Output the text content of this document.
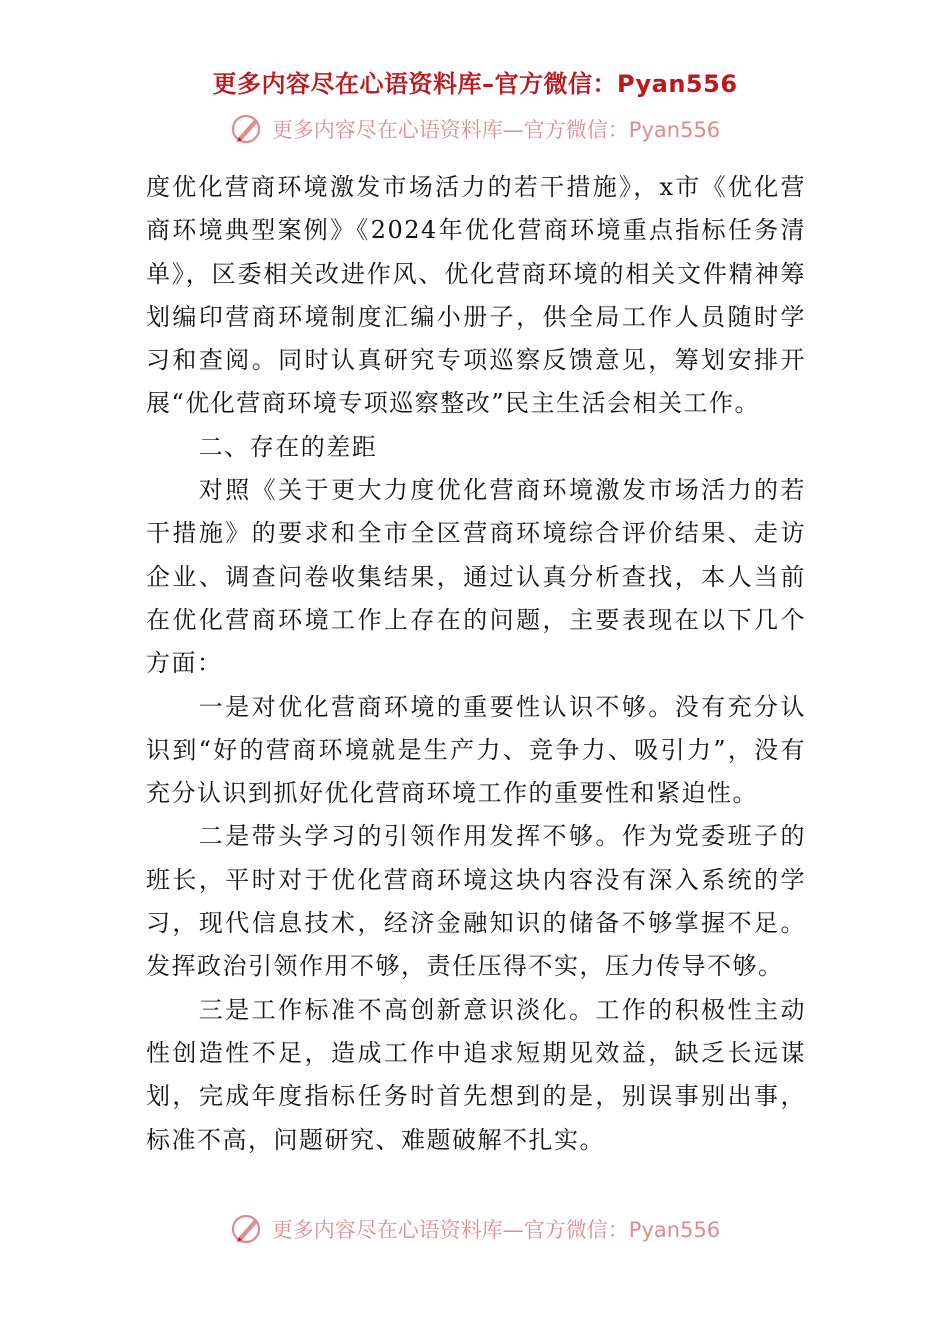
更多内容尽在心语资料库–官方微信：Pyan556
更多内容尽在心语资料库—官方微信：Pyan556

度优化营商环境激发市场活力的若干措施》，x市《优化营商环境典型案例》《2024年优化营商环境重点指标任务清单》，区委相关改进作风、优化营商环境的相关文件精神筹划编印营商环境制度汇编小册子，供全局工作人员随时学习和查阅。同时认真研究专项巡察反馈意见，筹划安排开展“优化营商环境专项巡察整改”民主生活会相关工作。

二、存在的差距

对照《关于更大力度优化营商环境激发市场活力的若干措施》的要求和全市全区营商环境综合评价结果、走访企业、调查问卷收集结果，通过认真分析查找，本人当前在优化营商环境工作上存在的问题，主要表现在以下几个方面：

一是对优化营商环境的重要性认识不够。没有充分认识到“好的营商环境就是生产力、竞争力、吸引力”，没有充分认识到抓好优化营商环境工作的重要性和紧迫性。

二是带头学习的引领作用发挥不够。作为党委班子的班长，平时对于优化营商环境这块内容没有深入系统的学习，现代信息技术，经济金融知识的储备不够掌握不足。发挥政治引领作用不够，责任压得不实，压力传导不够。

三是工作标准不高创新意识淡化。工作的积极性主动性创造性不足，造成工作中追求短期见效益，缺乏长远谋划，完成年度指标任务时首先想到的是，别误事别出事，标准不高，问题研究、难题破解不扎实。

更多内容尽在心语资料库—官方微信：Pyan556
